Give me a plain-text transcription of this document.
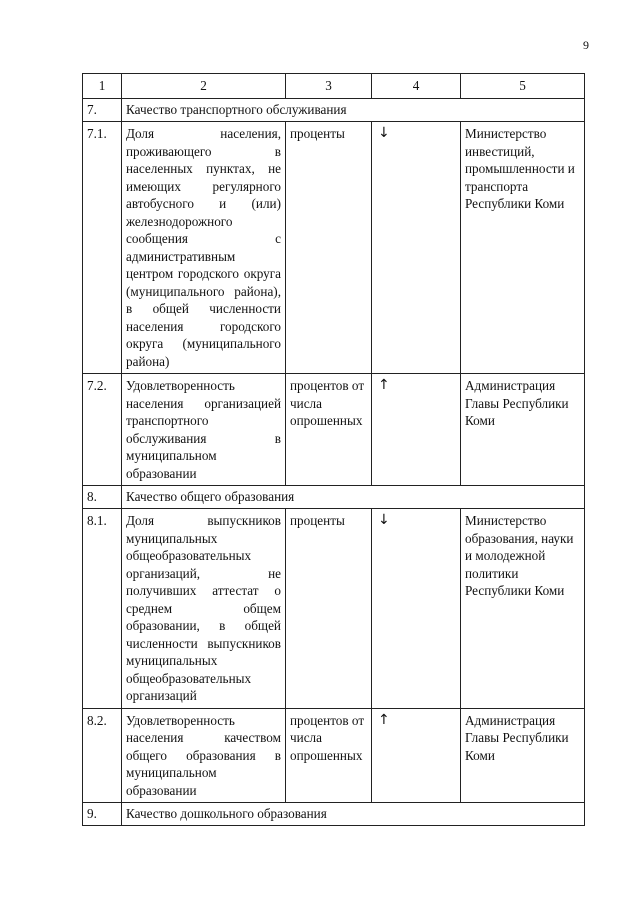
9
1	2	3	4	5
7.	Качество транспортного обслуживания			
7.1.	Доля населения, проживающего в населенных пунктах, не имеющих регулярного автобусного и (или) железнодорожного сообщения с административным центром городского округа (муниципального района), в общей численности населения городского округа (муниципального района)	проценты	↓	Министерство инвестиций, промышленности и транспорта Республики Коми
7.2.	Удовлетворенность населения организацией транспортного обслуживания в муниципальном образовании	процентов от числа опрошенных	↑	Администрация Главы Республики Коми
8.	Качество общего образования			
8.1.	Доля выпускников муниципальных общеобразовательных организаций, не получивших аттестат о среднем общем образовании, в общей численности выпускников муниципальных общеобразовательных организаций	проценты	↓	Министерство образования, науки и молодежной политики Республики Коми
8.2.	Удовлетворенность населения качеством общего образования в муниципальном образовании	процентов от числа опрошенных	↑	Администрация Главы Республики Коми
9.	Качество дошкольного образования			
